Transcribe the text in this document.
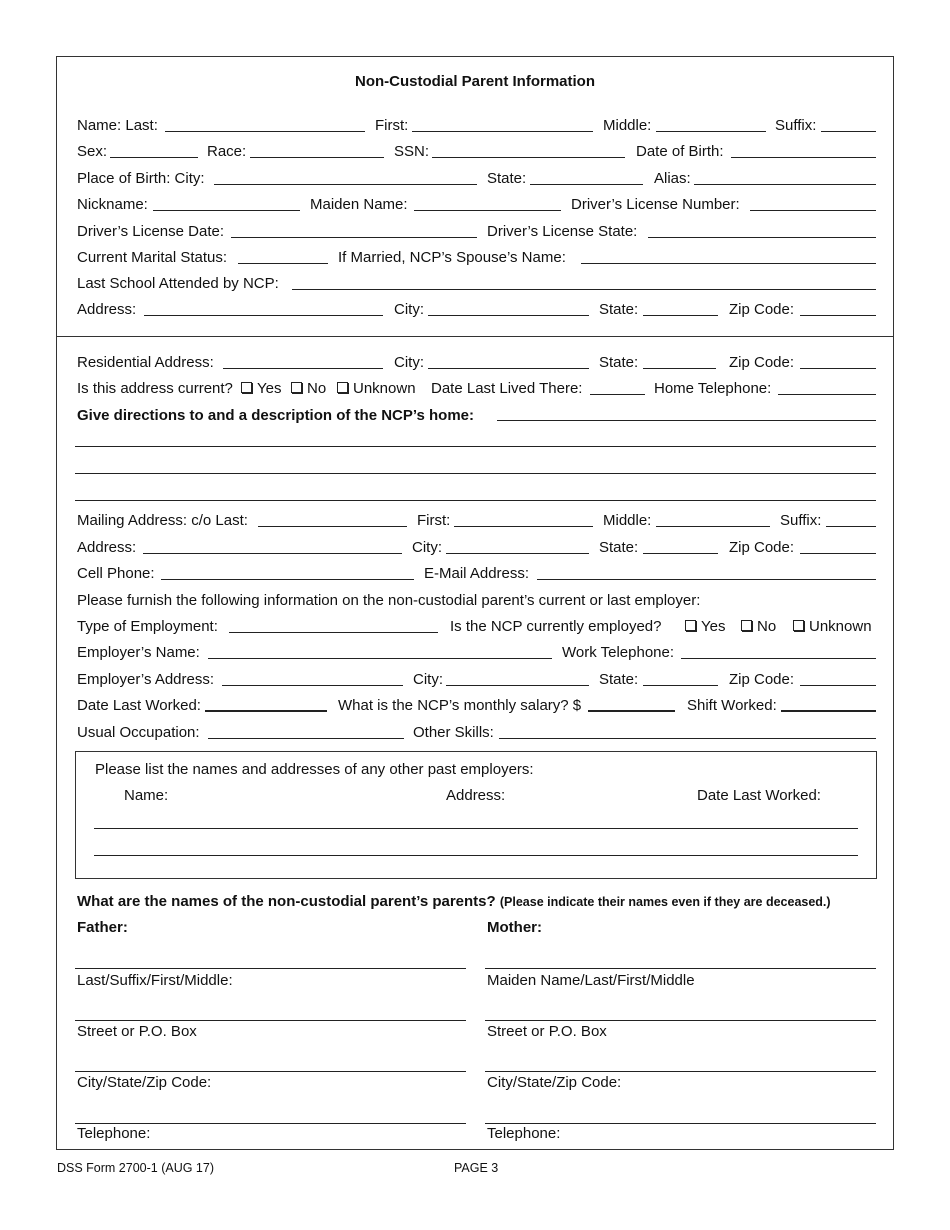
Non-Custodial Parent Information
Name: Last:	First:	Middle:	Suffix:
Sex:	Race:	SSN:	Date of Birth:
Place of Birth: City:	State:	Alias:
Nickname:	Maiden Name:	Driver’s License Number:
Driver’s License Date:	Driver’s License State:
Current Marital Status:	If Married, NCP’s Spouse’s Name:
Last School Attended by NCP:
Address:	City:	State:	Zip Code:
Residential Address:	City:	State:	Zip Code:
Is this address current?	Yes	No	Unknown Date Last Lived There:	Home Telephone:
Give directions to and a description of the NCP’s home:
Mailing Address: c/o Last:	First:	Middle:	Suffix:
Address:	City:	State:	Zip Code:
Cell Phone:	E-Mail Address:
Please furnish the following information on the non-custodial parent’s current or last employer:
Type of Employment:	Is the NCP currently employed?	Yes	No	Unknown
Employer’s Name:	Work Telephone:
Employer’s Address:	City:	State:	Zip Code:
Date Last Worked:	What is the NCP’s monthly salary? $	Shift Worked:
Usual Occupation:	Other Skills:
Please list the names and addresses of any other past employers:
Name:	Address:	Date Last Worked:
What are the names of the non-custodial parent’s parents? (Please indicate their names even if they are deceased.)
Father:	Mother:
Last/Suffix/First/Middle:	Maiden Name/Last/First/Middle
Street or P.O. Box	Street or P.O. Box
City/State/Zip Code:	City/State/Zip Code:
Telephone:	Telephone:
DSS Form 2700-1 (AUG 17)	PAGE 3
